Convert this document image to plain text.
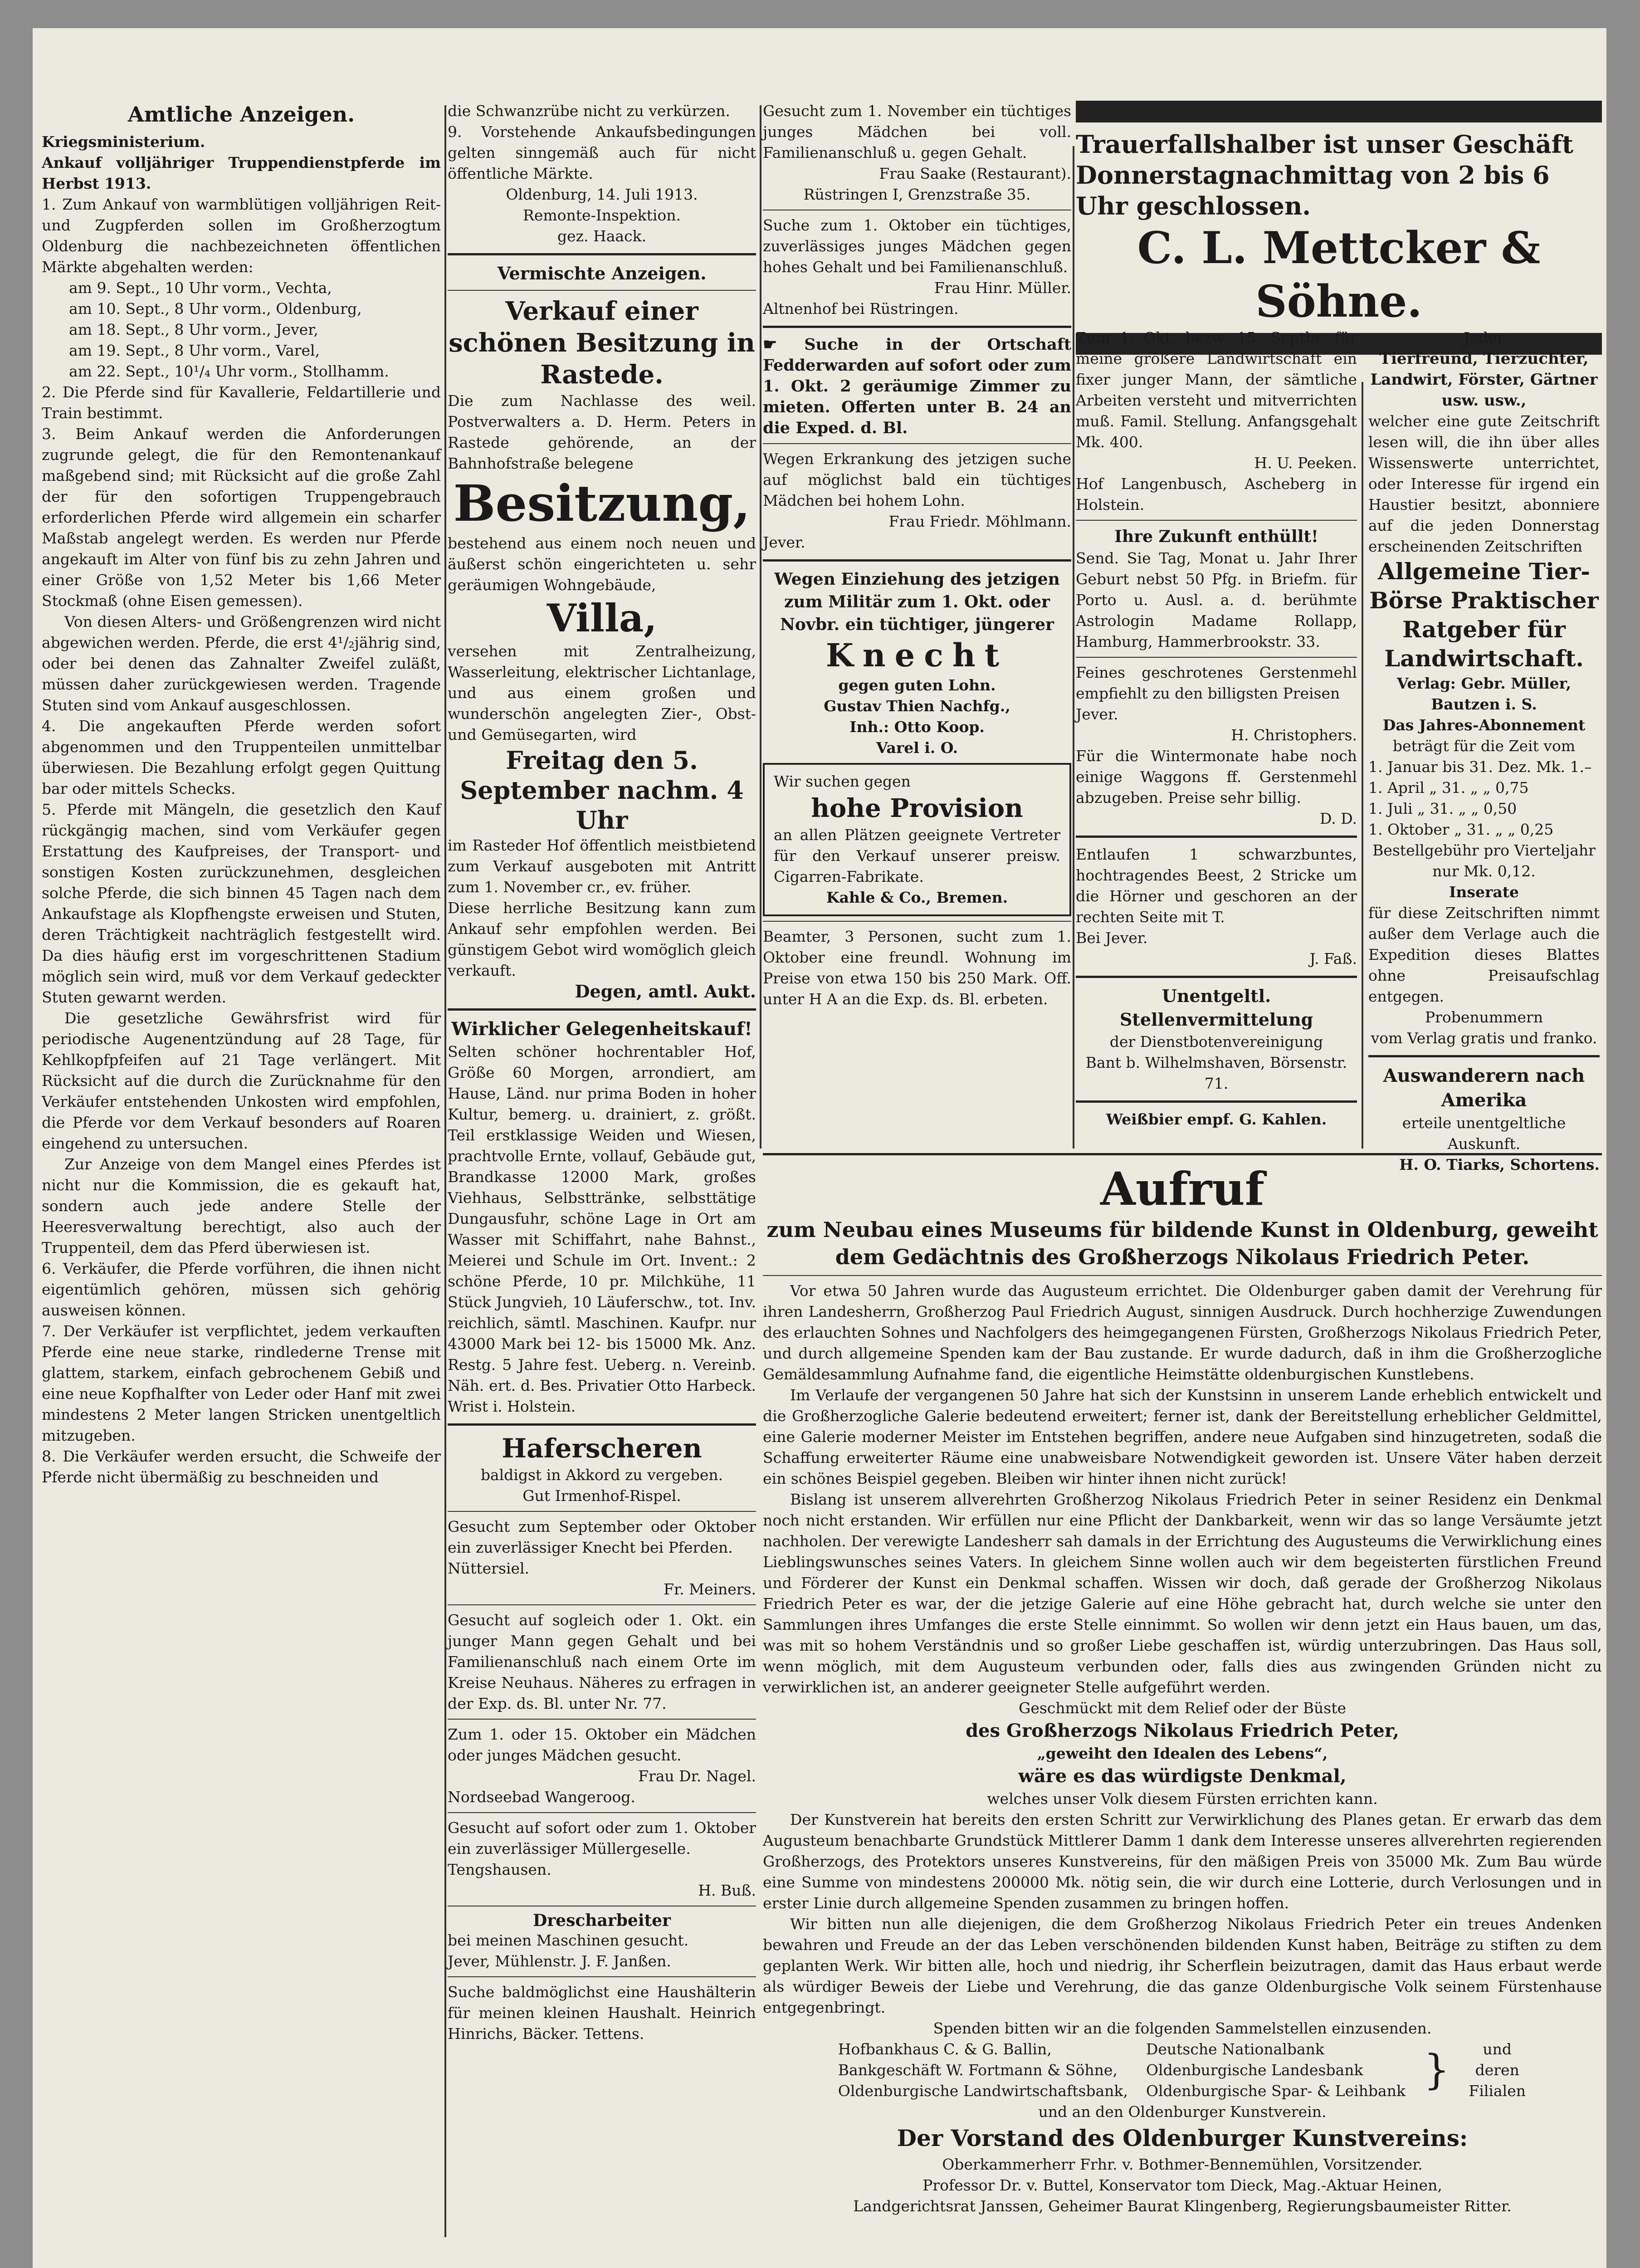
Amtliche Anzeigen.

Kriegsministerium.

Ankauf volljähriger Truppendienstpferde im Herbst 1913.

1. Zum Ankauf von warmblütigen volljährigen Reit- und Zugpferden sollen im Großherzogtum Oldenburg die nachbezeichneten öffentlichen Märkte abgehalten werden:

am 9. Sept., 10 Uhr vorm., Vechta,

am 10. Sept., 8 Uhr vorm., Oldenburg,

am 18. Sept., 8 Uhr vorm., Jever,

am 19. Sept., 8 Uhr vorm., Varel,

am 22. Sept., 10¹/₄ Uhr vorm., Stollhamm.

2. Die Pferde sind für Kavallerie, Feldartillerie und Train bestimmt.

3. Beim Ankauf werden die Anforderungen zugrunde gelegt, die für den Remontenankauf maßgebend sind; mit Rücksicht auf die große Zahl der für den sofortigen Truppengebrauch erforderlichen Pferde wird allgemein ein scharfer Maßstab angelegt werden. Es werden nur Pferde angekauft im Alter von fünf bis zu zehn Jahren und einer Größe von 1,52 Meter bis 1,66 Meter Stockmaß (ohne Eisen gemessen).

Von diesen Alters- und Größengrenzen wird nicht abgewichen werden. Pferde, die erst 4¹/₂jährig sind, oder bei denen das Zahnalter Zweifel zuläßt, müssen daher zurückgewiesen werden. Tragende Stuten sind vom Ankauf ausgeschlossen.

4. Die angekauften Pferde werden sofort abgenommen und den Truppenteilen unmittelbar überwiesen. Die Bezahlung erfolgt gegen Quittung bar oder mittels Schecks.

5. Pferde mit Mängeln, die gesetzlich den Kauf rückgängig machen, sind vom Verkäufer gegen Erstattung des Kaufpreises, der Transport- und sonstigen Kosten zurückzunehmen, desgleichen solche Pferde, die sich binnen 45 Tagen nach dem Ankaufstage als Klopfhengste erweisen und Stuten, deren Trächtigkeit nachträglich festgestellt wird. Da dies häufig erst im vorgeschrittenen Stadium möglich sein wird, muß vor dem Verkauf gedeckter Stuten gewarnt werden.

Die gesetzliche Gewährsfrist wird für periodische Augenentzündung auf 28 Tage, für Kehlkopfpfeifen auf 21 Tage verlängert. Mit Rücksicht auf die durch die Zurücknahme für den Verkäufer entstehenden Unkosten wird empfohlen, die Pferde vor dem Verkauf besonders auf Roaren eingehend zu untersuchen.

Zur Anzeige von dem Mangel eines Pferdes ist nicht nur die Kommission, die es gekauft hat, sondern auch jede andere Stelle der Heeresverwaltung berechtigt, also auch der Truppenteil, dem das Pferd überwiesen ist.

6. Verkäufer, die Pferde vorführen, die ihnen nicht eigentümlich gehören, müssen sich gehörig ausweisen können.

7. Der Verkäufer ist verpflichtet, jedem verkauften Pferde eine neue starke, rindlederne Trense mit glattem, starkem, einfach gebrochenem Gebiß und eine neue Kopfhalfter von Leder oder Hanf mit zwei mindestens 2 Meter langen Stricken unentgeltlich mitzugeben.

8. Die Verkäufer werden ersucht, die Schweife der Pferde nicht übermäßig zu beschneiden und

die Schwanzrübe nicht zu verkürzen.

9. Vorstehende Ankaufsbedingungen gelten sinngemäß auch für nicht öffentliche Märkte.

Oldenburg, 14. Juli 1913.

Remonte-Inspektion.

gez. Haack.

Vermischte Anzeigen.

Verkauf einer schönen Besitzung in Rastede.

Die zum Nachlasse des weil. Postverwalters a. D. Herm. Peters in Rastede gehörende, an der Bahnhofstraße belegene

Besitzung,

bestehend aus einem noch neuen und äußerst schön eingerichteten u. sehr geräumigen Wohngebäude,

Villa,

versehen mit Zentralheizung, Wasserleitung, elektrischer Lichtanlage, und aus einem großen und wunderschön angelegten Zier-, Obst- und Gemüsegarten, wird

Freitag den 5. September nachm. 4 Uhr

im Rasteder Hof öffentlich meistbietend zum Verkauf ausgeboten mit Antritt zum 1. November cr., ev. früher.

Diese herrliche Besitzung kann zum Ankauf sehr empfohlen werden. Bei günstigem Gebot wird womöglich gleich verkauft.

Degen, amtl. Aukt.

Wirklicher Gelegenheitskauf!

Selten schöner hochrentabler Hof, Größe 60 Morgen, arrondiert, am Hause, Länd. nur prima Boden in hoher Kultur, bemerg. u. drainiert, z. größt. Teil erstklassige Weiden und Wiesen, prachtvolle Ernte, vollauf, Gebäude gut, Brandkasse 12000 Mark, großes Viehhaus, Selbsttränke, selbsttätige Dungausfuhr, schöne Lage in Ort am Wasser mit Schiffahrt, nahe Bahnst., Meierei und Schule im Ort. Invent.: 2 schöne Pferde, 10 pr. Milchkühe, 11 Stück Jungvieh, 10 Läuferschw., tot. Inv. reichlich, sämtl. Maschinen. Kaufpr. nur 43000 Mark bei 12- bis 15000 Mk. Anz. Restg. 5 Jahre fest. Ueberg. n. Vereinb. Näh. ert. d. Bes. Privatier Otto Harbeck. Wrist i. Holstein.

Haferscheren

baldigst in Akkord zu vergeben.

Gut Irmenhof-Rispel.

Gesucht zum September oder Oktober ein zuverlässiger Knecht bei Pferden.

Nüttersiel.

Fr. Meiners.

Gesucht auf sogleich oder 1. Okt. ein junger Mann gegen Gehalt und bei Familienanschluß nach einem Orte im Kreise Neuhaus. Näheres zu erfragen in der Exp. ds. Bl. unter Nr. 77.

Zum 1. oder 15. Oktober ein Mädchen oder junges Mädchen gesucht.

Frau Dr. Nagel.

Nordseebad Wangeroog.

Gesucht auf sofort oder zum 1. Oktober ein zuverlässiger Müllergeselle.

Tengshausen.

H. Buß.

Drescharbeiter

bei meinen Maschinen gesucht.

Jever, Mühlenstr. J. F. Janßen.

Suche baldmöglichst eine Haushälterin für meinen kleinen Haushalt. Heinrich Hinrichs, Bäcker. Tettens.

Gesucht zum 1. November ein tüchtiges junges Mädchen bei voll. Familienanschluß u. gegen Gehalt.

Frau Saake (Restaurant).

Rüstringen I, Grenzstraße 35.

Suche zum 1. Oktober ein tüchtiges, zuverlässiges junges Mädchen gegen hohes Gehalt und bei Familienanschluß.

Frau Hinr. Müller.

Altnenhof bei Rüstringen.

☛ Suche in der Ortschaft Fedderwarden auf sofort oder zum 1. Okt. 2 geräumige Zimmer zu mieten. Offerten unter B. 24 an die Exped. d. Bl.

Wegen Erkrankung des jetzigen suche auf möglichst bald ein tüchtiges Mädchen bei hohem Lohn.

Frau Friedr. Möhlmann.

Jever.

Wegen Einziehung des jetzigen zum Militär zum 1. Okt. oder Novbr. ein tüchtiger, jüngerer

Knecht

gegen guten Lohn.

Gustav Thien Nachfg.,

Inh.: Otto Koop.

Varel i. O.

Wir suchen gegen

hohe Provision

an allen Plätzen geeignete Vertreter für den Verkauf unserer preisw. Cigarren-Fabrikate.

Kahle & Co., Bremen.

Beamter, 3 Personen, sucht zum 1. Oktober eine freundl. Wohnung im Preise von etwa 150 bis 250 Mark. Off. unter H A an die Exp. ds. Bl. erbeten.

Trauerfallshalber ist unser Geschäft Donnerstagnachmittag von 2 bis 6 Uhr geschlossen.

C. L. Mettcker & Söhne.

Zum 1. Okt. bezw. 15. Septbr. für meine größere Landwirtschaft ein fixer junger Mann, der sämtliche Arbeiten versteht und mitverrichten muß. Famil. Stellung. Anfangsgehalt Mk. 400.

H. U. Peeken.

Hof Langenbusch, Ascheberg in Holstein.

Ihre Zukunft enthüllt!

Send. Sie Tag, Monat u. Jahr Ihrer Geburt nebst 50 Pfg. in Briefm. für Porto u. Ausl. a. d. berühmte Astrologin Madame Rollapp, Hamburg, Hammerbrookstr. 33.

Feines geschrotenes Gerstenmehl empfiehlt zu den billigsten Preisen

Jever.

H. Christophers.

Für die Wintermonate habe noch einige Waggons ff. Gerstenmehl abzugeben. Preise sehr billig.

D. D.

Entlaufen 1 schwarzbuntes, hochtragendes Beest, 2 Stricke um die Hörner und geschoren an der rechten Seite mit T.

Bei Jever.

J. Faß.

Unentgeltl. Stellenvermittelung

der Dienstbotenvereinigung

Bant b. Wilhelmshaven, Börsenstr. 71.

Weißbier empf. G. Kahlen.

Jeder

Tierfreund, Tierzüchter, Landwirt, Förster, Gärtner usw. usw.,

welcher eine gute Zeitschrift lesen will, die ihn über alles Wissenswerte unterrichtet, oder Interesse für irgend ein Haustier besitzt, abonniere auf die jeden Donnerstag erscheinenden Zeitschriften

Allgemeine Tier-Börse Praktischer Ratgeber für Landwirtschaft.

Verlag: Gebr. Müller, Bautzen i. S.

Das Jahres-Abonnement

beträgt für die Zeit vom

1. Januar bis 31. Dez. Mk. 1.–

1. April „ 31. „ „ 0,75

1. Juli „ 31. „ „ 0,50

1. Oktober „ 31. „ „ 0,25

Bestellgebühr pro Vierteljahr nur Mk. 0,12.

Inserate

für diese Zeitschriften nimmt außer dem Verlage auch die Expedition dieses Blattes ohne Preisaufschlag entgegen.

Probenummern

vom Verlag gratis und franko.

Auswanderern nach Amerika

erteile unentgeltliche Auskunft.

H. O. Tiarks, Schortens.

Aufruf

zum Neubau eines Museums für bildende Kunst in Oldenburg, geweiht dem Gedächtnis des Großherzogs Nikolaus Friedrich Peter.

Vor etwa 50 Jahren wurde das Augusteum errichtet. Die Oldenburger gaben damit der Verehrung für ihren Landesherrn, Großherzog Paul Friedrich August, sinnigen Ausdruck. Durch hochherzige Zuwendungen des erlauchten Sohnes und Nachfolgers des heimgegangenen Fürsten, Großherzogs Nikolaus Friedrich Peter, und durch allgemeine Spenden kam der Bau zustande. Er wurde dadurch, daß in ihm die Großherzogliche Gemäldesammlung Aufnahme fand, die eigentliche Heimstätte oldenburgischen Kunstlebens.

Im Verlaufe der vergangenen 50 Jahre hat sich der Kunstsinn in unserem Lande erheblich entwickelt und die Großherzogliche Galerie bedeutend erweitert; ferner ist, dank der Bereitstellung erheblicher Geldmittel, eine Galerie moderner Meister im Entstehen begriffen, andere neue Aufgaben sind hinzugetreten, sodaß die Schaffung erweiterter Räume eine unabweisbare Notwendigkeit geworden ist. Unsere Väter haben derzeit ein schönes Beispiel gegeben. Bleiben wir hinter ihnen nicht zurück!

Bislang ist unserem allverehrten Großherzog Nikolaus Friedrich Peter in seiner Residenz ein Denkmal noch nicht erstanden. Wir erfüllen nur eine Pflicht der Dankbarkeit, wenn wir das so lange Versäumte jetzt nachholen. Der verewigte Landesherr sah damals in der Errichtung des Augusteums die Verwirklichung eines Lieblingswunsches seines Vaters. In gleichem Sinne wollen auch wir dem begeisterten fürstlichen Freund und Förderer der Kunst ein Denkmal schaffen. Wissen wir doch, daß gerade der Großherzog Nikolaus Friedrich Peter es war, der die jetzige Galerie auf eine Höhe gebracht hat, durch welche sie unter den Sammlungen ihres Umfanges die erste Stelle einnimmt. So wollen wir denn jetzt ein Haus bauen, um das, was mit so hohem Verständnis und so großer Liebe geschaffen ist, würdig unterzubringen. Das Haus soll, wenn möglich, mit dem Augusteum verbunden oder, falls dies aus zwingenden Gründen nicht zu verwirklichen ist, an anderer geeigneter Stelle aufgeführt werden.

Geschmückt mit dem Relief oder der Büste

des Großherzogs Nikolaus Friedrich Peter,

„geweiht den Idealen des Lebens“,

wäre es das würdigste Denkmal,

welches unser Volk diesem Fürsten errichten kann.

Der Kunstverein hat bereits den ersten Schritt zur Verwirklichung des Planes getan. Er erwarb das dem Augusteum benachbarte Grundstück Mittlerer Damm 1 dank dem Interesse unseres allverehrten regierenden Großherzogs, des Protektors unseres Kunstvereins, für den mäßigen Preis von 35000 Mk. Zum Bau würde eine Summe von mindestens 200000 Mk. nötig sein, die wir durch eine Lotterie, durch Verlosungen und in erster Linie durch allgemeine Spenden zusammen zu bringen hoffen.

Wir bitten nun alle diejenigen, die dem Großherzog Nikolaus Friedrich Peter ein treues Andenken bewahren und Freude an der das Leben verschönenden bildenden Kunst haben, Beiträge zu stiften zu dem geplanten Werk. Wir bitten alle, hoch und niedrig, ihr Scherflein beizutragen, damit das Haus erbaut werde als würdiger Beweis der Liebe und Verehrung, die das ganze Oldenburgische Volk seinem Fürstenhause entgegenbringt.

Spenden bitten wir an die folgenden Sammelstellen einzusenden.

Hofbankhaus C. & G. Ballin,

Bankgeschäft W. Fortmann & Söhne,

Oldenburgische Landwirtschaftsbank,

Deutsche Nationalbank

Oldenburgische Landesbank

Oldenburgische Spar- & Leihbank }	und deren Filialen

und an den Oldenburger Kunstverein.

Der Vorstand des Oldenburger Kunstvereins:

Oberkammerherr Frhr. v. Bothmer-Bennemühlen, Vorsitzender.

Professor Dr. v. Buttel, Konservator tom Dieck, Mag.-Aktuar Heinen,

Landgerichtsrat Janssen, Geheimer Baurat Klingenberg, Regierungsbaumeister Ritter.
